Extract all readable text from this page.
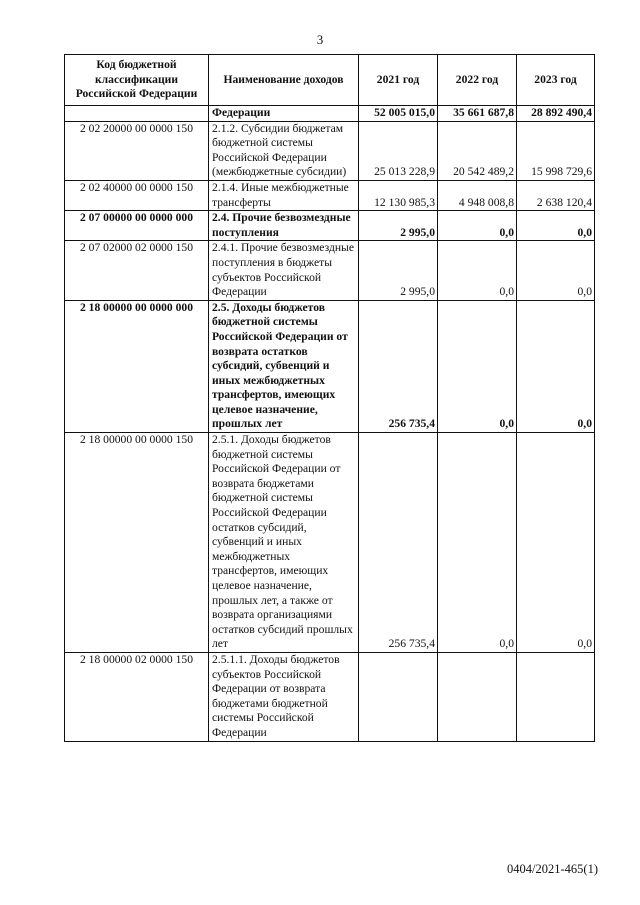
3
Код бюджетной классификации Российской Федерации	Наименование доходов	2021 год	2022 год	2023 год
	Федерации	52 005 015,0	35 661 687,8	28 892 490,4
2 02 20000 00 0000 150	2.1.2. Субсидии бюджетам бюджетной системы Российской Федерации (межбюджетные субсидии)	25 013 228,9	20 542 489,2	15 998 729,6
2 02 40000 00 0000 150	2.1.4. Иные межбюджетные трансферты	12 130 985,3	4 948 008,8	2 638 120,4
2 07 00000 00 0000 000	2.4. Прочие безвозмездные поступления	2 995,0	0,0	0,0
2 07 02000 02 0000 150	2.4.1. Прочие безвозмездные поступления в бюджеты субъектов Российской Федерации	2 995,0	0,0	0,0
2 18 00000 00 0000 000	2.5. Доходы бюджетов бюджетной системы Российской Федерации от возврата остатков субсидий, субвенций и иных межбюджетных трансфертов, имеющих целевое назначение, прошлых лет	256 735,4	0,0	0,0
2 18 00000 00 0000 150	2.5.1. Доходы бюджетов бюджетной системы Российской Федерации от возврата бюджетами бюджетной системы Российской Федерации остатков субсидий, субвенций и иных межбюджетных трансфертов, имеющих целевое назначение, прошлых лет, а также от возврата организациями остатков субсидий прошлых лет	256 735,4	0,0	0,0
2 18 00000 02 0000 150	2.5.1.1. Доходы бюджетов субъектов Российской Федерации от возврата бюджетами бюджетной системы Российской Федерации			
0404/2021-465(1)
